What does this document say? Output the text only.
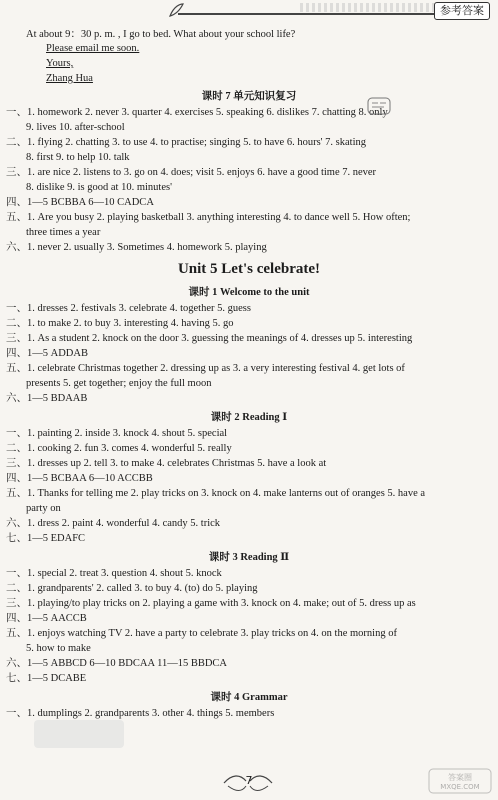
参考答案
At about 9：30 p. m. , I go to bed. What about your school life?
Please email me soon.
Yours,
Zhang Hua
课时 7 单元知识复习
一、1. homework 2. never 3. quarter 4. exercises 5. speaking 6. dislikes 7. chatting 8. only
9. lives 10. after-school
二、1. flying 2. chatting 3. to use 4. to practise; singing 5. to have 6. hours' 7. skating
8. first 9. to help 10. talk
三、1. are nice 2. listens to 3. go on 4. does; visit 5. enjoys 6. have a good time 7. never
8. dislike 9. is good at 10. minutes'
四、1—5 BCBBA 6—10 CADCA
五、1. Are you busy 2. playing basketball 3. anything interesting 4. to dance well 5. How often;
three times a year
六、1. never 2. usually 3. Sometimes 4. homework 5. playing
Unit 5 Let's celebrate!
课时 1 Welcome to the unit
一、1. dresses 2. festivals 3. celebrate 4. together 5. guess
二、1. to make 2. to buy 3. interesting 4. having 5. go
三、1. As a student 2. knock on the door 3. guessing the meanings of 4. dresses up 5. interesting
四、1—5 ADDAB
五、1. celebrate Christmas together 2. dressing up as 3. a very interesting festival 4. get lots of
presents 5. get together; enjoy the full moon
六、1—5 BDAAB
课时 2 Reading Ⅰ
一、1. painting 2. inside 3. knock 4. shout 5. special
二、1. cooking 2. fun 3. comes 4. wonderful 5. really
三、1. dresses up 2. tell 3. to make 4. celebrates Christmas 5. have a look at
四、1—5 BCBAA 6—10 ACCBB
五、1. Thanks for telling me 2. play tricks on 3. knock on 4. make lanterns out of oranges 5. have a
party on
六、1. dress 2. paint 4. wonderful 4. candy 5. trick
七、1—5 EDAFC
课时 3 Reading Ⅱ
一、1. special 2. treat 3. question 4. shout 5. knock
二、1. grandparents' 2. called 3. to buy 4. (to) do 5. playing
三、1. playing/to play tricks on 2. playing a game with 3. knock on 4. make; out of 5. dress up as
四、1—5 AACCB
五、1. enjoys watching TV 2. have a party to celebrate 3. play tricks on 4. on the morning of
5. how to make
六、1—5 ABBCD 6—10 BDCAA 11—15 BBDCA
七、1—5 DCABE
课时 4 Grammar
一、1. dumplings 2. grandparents 3. other 4. things 5. members
7	答案圈
MXQE.COM
